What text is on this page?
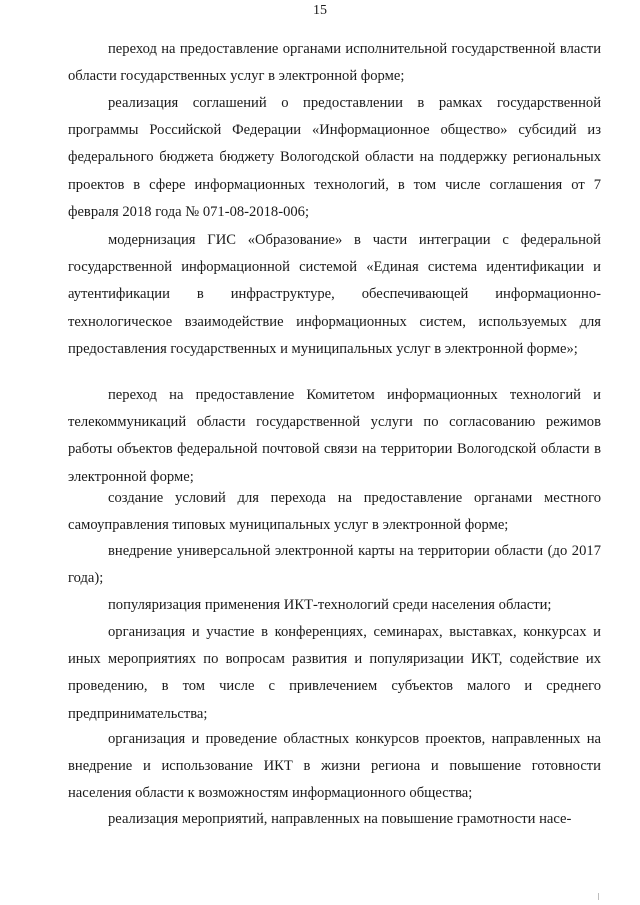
15

переход на предоставление органами исполнительной государственной власти области государственных услуг в электронной форме;

реализация соглашений о предоставлении в рамках государственной программы Российской Федерации «Информационное общество» субсидий из федерального бюджета бюджету Вологодской области на поддержку региональных проектов в сфере информационных технологий, в том числе соглашения от 7 февраля 2018 года № 071-08-2018-006;

модернизация ГИС «Образование» в части интеграции с федеральной государственной информационной системой «Единая система идентификации и аутентификации в инфраструктуре, обеспечивающей информационно-технологическое взаимодействие информационных систем, используемых для предоставления государственных и муниципальных услуг в электронной форме»;

переход на предоставление Комитетом информационных технологий и телекоммуникаций области государственной услуги по согласованию режимов работы объектов федеральной почтовой связи на территории Вологодской области в электронной форме;

создание условий для перехода на предоставление органами местного самоуправления типовых муниципальных услуг в электронной форме;

внедрение универсальной электронной карты на территории области (до 2017 года);

популяризация применения ИКТ-технологий среди населения области;

организация и участие в конференциях, семинарах, выставках, конкурсах и иных мероприятиях по вопросам развития и популяризации ИКТ, содействие их проведению, в том числе с привлечением субъектов малого и среднего предпринимательства;

организация и проведение областных конкурсов проектов, направленных на внедрение и использование ИКТ в жизни региона и повышение готовности населения области к возможностям информационного общества;

реализация мероприятий, направленных на повышение грамотности насе-
